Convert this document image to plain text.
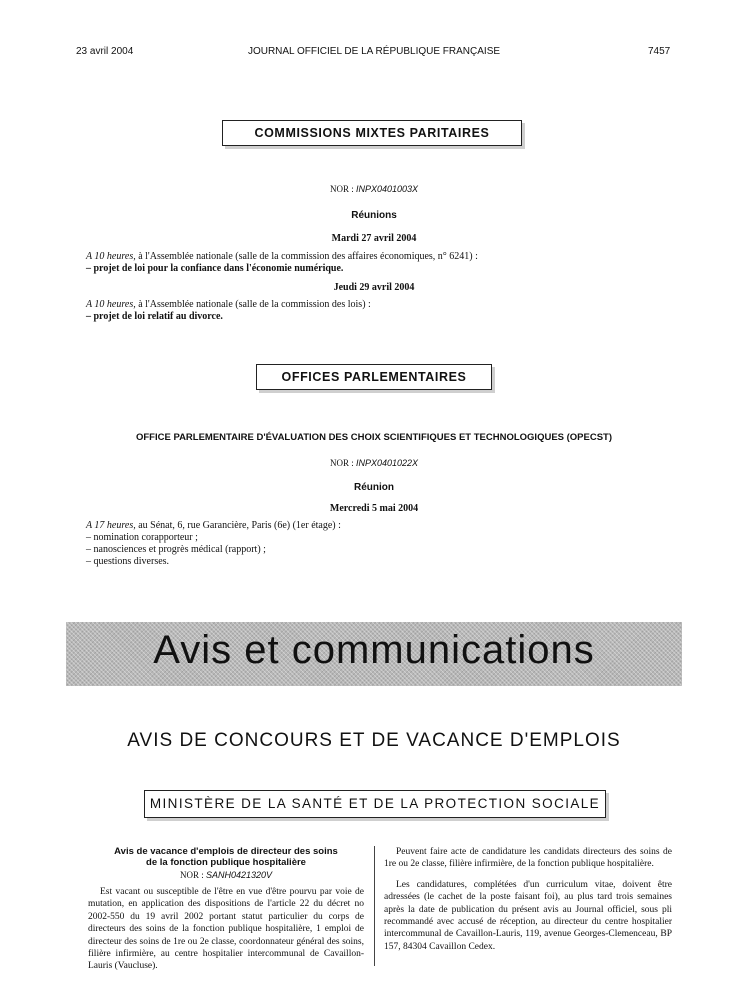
23 avril 2004	JOURNAL OFFICIEL DE LA RÉPUBLIQUE FRANÇAISE	7457
COMMISSIONS MIXTES PARITAIRES
NOR : INPX0401003X
Réunions
Mardi 27 avril 2004
A 10 heures, à l'Assemblée nationale (salle de la commission des affaires économiques, n° 6241) :
– projet de loi pour la confiance dans l'économie numérique.
Jeudi 29 avril 2004
A 10 heures, à l'Assemblée nationale (salle de la commission des lois) :
– projet de loi relatif au divorce.
OFFICES PARLEMENTAIRES
OFFICE PARLEMENTAIRE D'ÉVALUATION DES CHOIX SCIENTIFIQUES ET TECHNOLOGIQUES (OPECST)
NOR : INPX0401022X
Réunion
Mercredi 5 mai 2004
A 17 heures, au Sénat, 6, rue Garancière, Paris (6e) (1er étage) :
– nomination corapporteur ;
– nanosciences et progrès médical (rapport) ;
– questions diverses.
Avis et communications
AVIS DE CONCOURS ET DE VACANCE D'EMPLOIS
MINISTÈRE DE LA SANTÉ ET DE LA PROTECTION SOCIALE
Avis de vacance d'emplois de directeur des soins
de la fonction publique hospitalière
NOR : SANH0421320V
Est vacant ou susceptible de l'être en vue d'être pourvu par voie de mutation, en application des dispositions de l'article 22 du décret no 2002-550 du 19 avril 2002 portant statut particulier du corps de directeurs des soins de la fonction publique hospitalière, 1 emploi de directeur des soins de 1re ou 2e classe, coordonnateur général des soins, filière infirmière, au centre hospitalier intercommunal de Cavaillon-Lauris (Vaucluse).

Peuvent faire acte de candidature les candidats directeurs des soins de 1re ou 2e classe, filière infirmière, de la fonction publique hospitalière.

Les candidatures, complétées d'un curriculum vitae, doivent être adressées (le cachet de la poste faisant foi), au plus tard trois semaines après la date de publication du présent avis au Journal officiel, sous pli recommandé avec accusé de réception, au directeur du centre hospitalier intercommunal de Cavaillon-Lauris, 119, avenue Georges-Clemenceau, BP 157, 84304 Cavaillon Cedex.
